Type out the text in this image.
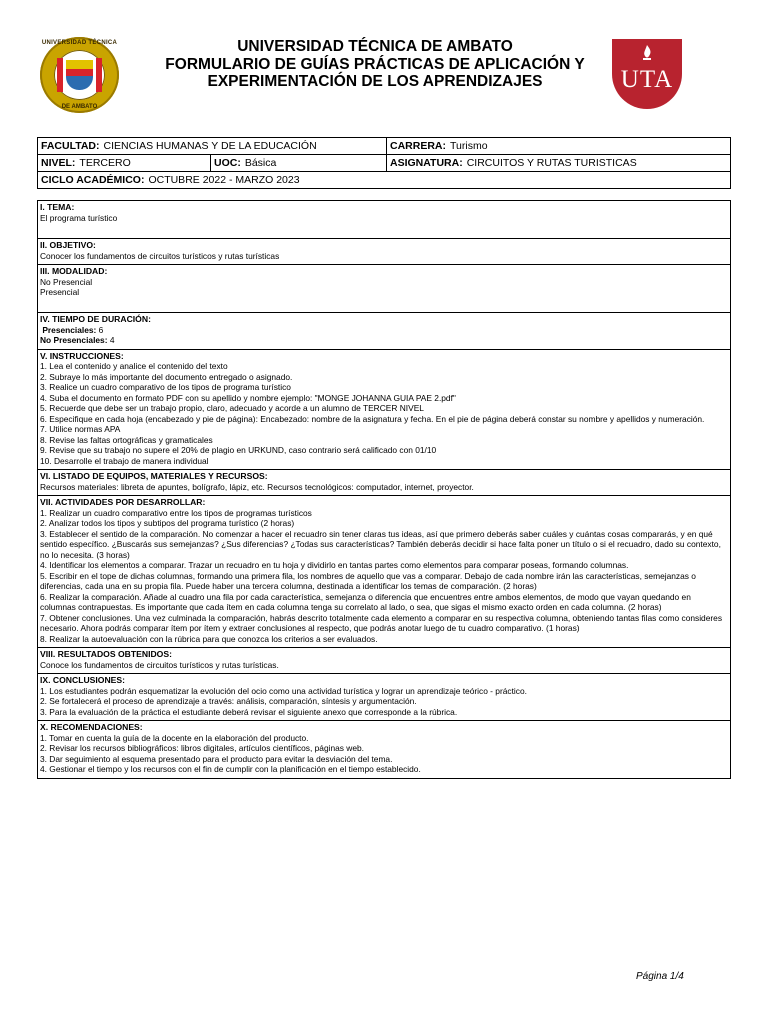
UNIVERSIDAD TÉCNICA
DE AMBATO
UNIVERSIDAD TÉCNICA DE AMBATO
FORMULARIO DE GUÍAS PRÁCTICAS DE APLICACIÓN Y
EXPERIMENTACIÓN DE LOS APRENDIZAJES	UTA
FACULTAD: CIENCIAS HUMANAS Y DE LA EDUCACIÓN	CARRERA: Turismo
NIVEL: TERCERO	UOC: Básica	ASIGNATURA: CIRCUITOS Y RUTAS TURISTICAS
CICLO ACADÉMICO: OCTUBRE 2022 - MARZO 2023
I. TEMA:
El programa turístico
II. OBJETIVO:
Conocer los fundamentos de circuitos turísticos y rutas turísticas
III. MODALIDAD:
No Presencial
Presencial
IV. TIEMPO DE DURACIÓN:
Presenciales: 6
No Presenciales: 4
V. INSTRUCCIONES:
1. Lea el contenido y analice el contenido del texto
2. Subraye lo más importante del documento entregado o asignado.
3. Realice un cuadro comparativo de los tipos de programa turístico
4. Suba el documento en formato PDF con su apellido y nombre ejemplo: "MONGE JOHANNA GUIA PAE 2.pdf"
5. Recuerde que debe ser un trabajo propio, claro, adecuado y acorde a un alumno de TERCER NIVEL
6. Especifique en cada hoja (encabezado y pie de página): Encabezado: nombre de la asignatura y fecha. En el pie de página deberá constar su nombre y apellidos y numeración.
7. Utilice normas APA
8. Revise las faltas ortográficas y gramaticales
9. Revise que su trabajo no supere el 20% de plagio en URKUND, caso contrario será calificado con 01/10
10. Desarrolle el trabajo de manera individual
VI. LISTADO DE EQUIPOS, MATERIALES Y RECURSOS:
Recursos materiales: libreta de apuntes, bolígrafo, lápiz, etc. Recursos tecnológicos: computador, internet, proyector.
VII. ACTIVIDADES POR DESARROLLAR:
1. Realizar un cuadro comparativo entre los tipos de programas turísticos
2. Analizar todos los tipos y subtipos del programa turístico (2 horas)
3. Establecer el sentido de la comparación. No comenzar a hacer el recuadro sin tener claras tus ideas, así que primero deberás saber cuáles y cuántas cosas compararás, y en qué sentido específico. ¿Buscarás sus semejanzas? ¿Sus diferencias? ¿Todas sus características? También deberás decidir si hace falta poner un título o si el recuadro, dado su contexto, no lo necesita. (3 horas)
4. Identificar los elementos a comparar. Trazar un recuadro en tu hoja y dividirlo en tantas partes como elementos para comparar poseas, formando columnas.
5. Escribir en el tope de dichas columnas, formando una primera fila, los nombres de aquello que vas a comparar. Debajo de cada nombre irán las características, semejanzas o diferencias, cada una en su propia fila. Puede haber una tercera columna, destinada a identificar los temas de comparación. (2 horas)
6. Realizar la comparación. Añade al cuadro una fila por cada característica, semejanza o diferencia que encuentres entre ambos elementos, de modo que vayan quedando en columnas contrapuestas. Es importante que cada ítem en cada columna tenga su correlato al lado, o sea, que sigas el mismo exacto orden en cada columna. (2 horas)
7. Obtener conclusiones. Una vez culminada la comparación, habrás descrito totalmente cada elemento a comparar en su respectiva columna, obteniendo tantas filas como consideres necesario. Ahora podrás comparar ítem por ítem y extraer conclusiones al respecto, que podrás anotar luego de tu cuadro comparativo. (1 horas)
8. Realizar la autoevaluación con la rúbrica para que conozca los criterios a ser evaluados.
VIII. RESULTADOS OBTENIDOS:
Conoce los fundamentos de circuitos turísticos y rutas turísticas.
IX. CONCLUSIONES:
1. Los estudiantes podrán esquematizar la evolución del ocio como una actividad turística y lograr un aprendizaje teórico - práctico.
2. Se fortalecerá el proceso de aprendizaje a través: análisis, comparación, síntesis y argumentación.
3. Para la evaluación de la práctica el estudiante deberá revisar el siguiente anexo que corresponde a la rúbrica.
X. RECOMENDACIONES:
1. Tomar en cuenta la guía de la docente en la elaboración del producto.
2. Revisar los recursos bibliográficos: libros digitales, artículos científicos, páginas web.
3. Dar seguimiento al esquema presentado para el producto para evitar la desviación del tema.
4. Gestionar el tiempo y los recursos con el fin de cumplir con la planificación en el tiempo establecido.
Página 1/4
